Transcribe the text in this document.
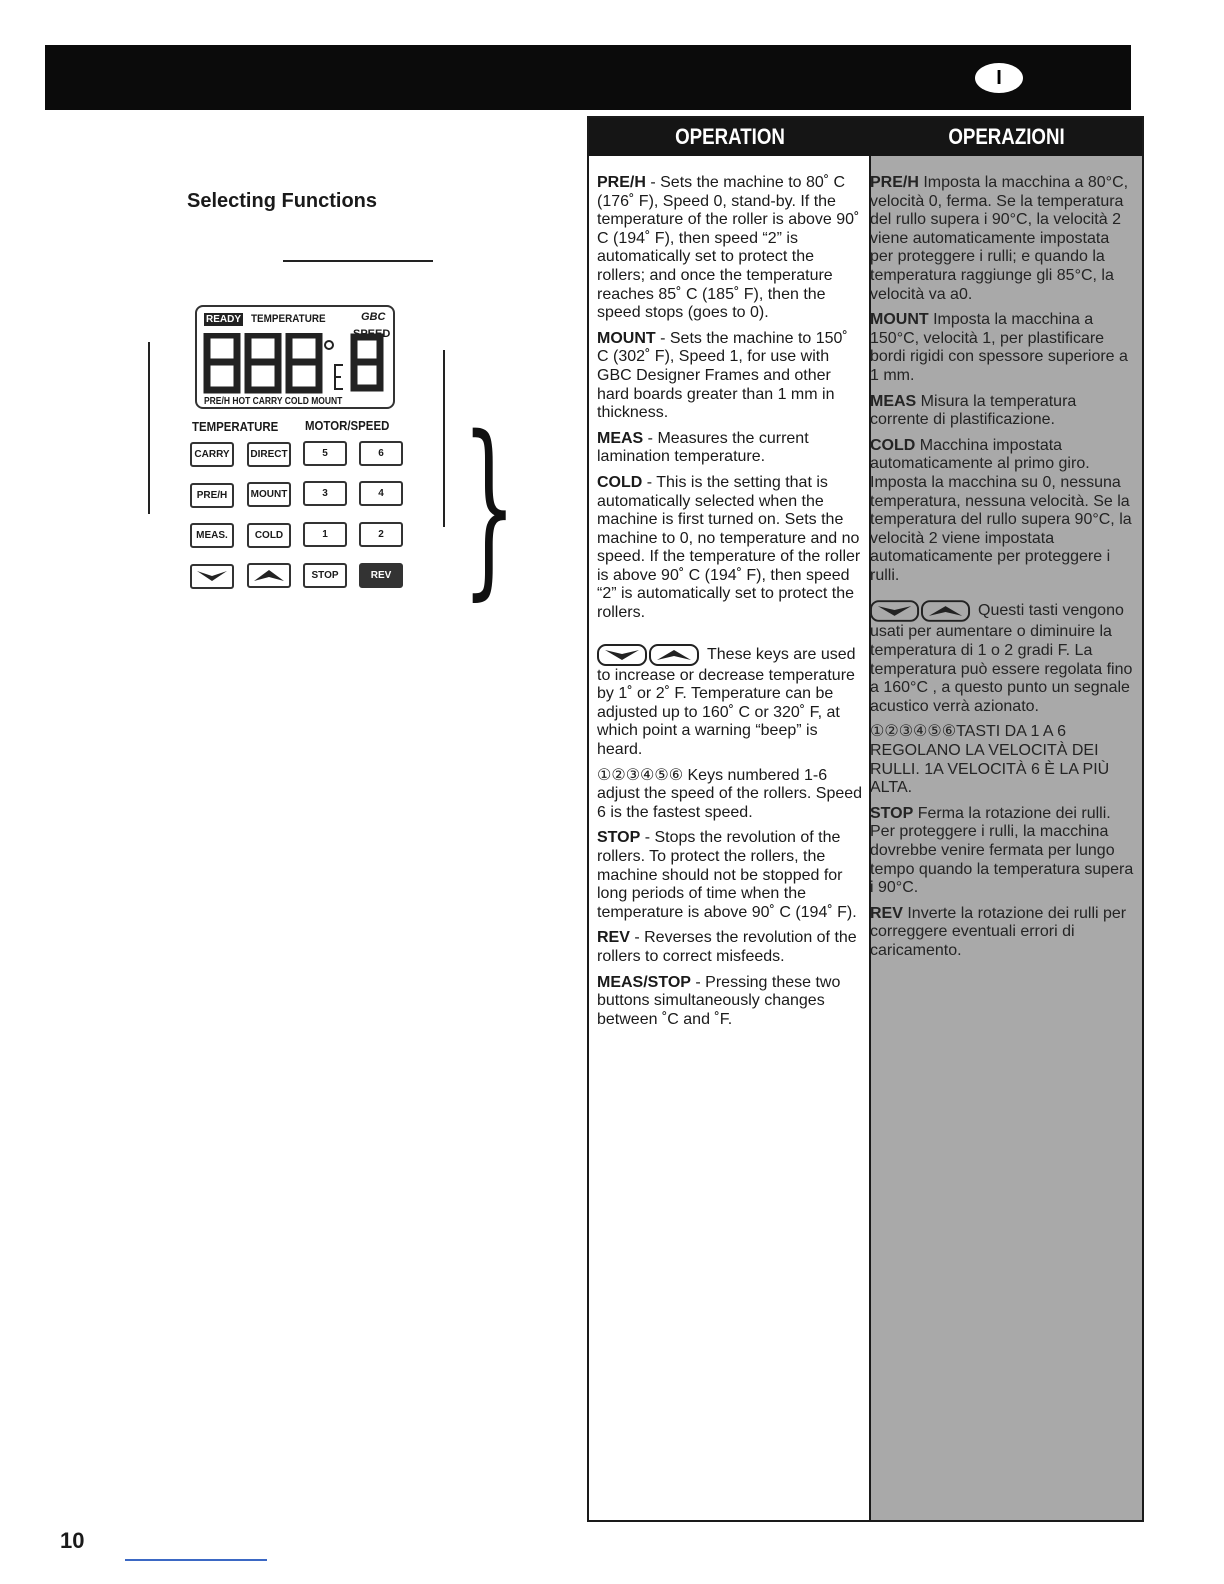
I
Selecting Functions
}
READY TEMPERATURE	GBC
SPEED
PRE/H HOT CARRY COLD MOUNT
TEMPERATURE MOTOR/SPEED
CARRY	DIRECT	5	6
PRE/H	MOUNT	3	4
MEAS.	COLD	1	2
STOP	REV
OPERATION	OPERAZIONI

PRE/H - Sets the machine to 80˚ C (176˚ F), Speed 0, stand-by. If the temperature of the roller is above 90˚ C (194˚ F), then speed “2” is automatically set to protect the rollers; and once the temperature reaches 85˚ C (185˚ F), then the speed stops (goes to 0).

MOUNT - Sets the machine to 150˚ C (302˚ F), Speed 1, for use with GBC Designer Frames and other hard boards greater than 1 mm in thickness.

MEAS - Measures the current lamination temperature.

COLD - This is the setting that is automatically selected when the machine is first turned on. Sets the machine to 0, no temperature and no speed. If the temperature of the roller is above 90˚ C (194˚ F), then speed “2” is automatically set to protect the rollers.

These keys are used to increase or decrease temperature by 1˚ or 2˚ F. Temperature can be adjusted up to 160˚ C or 320˚ F, at which point a warning “beep” is heard.

①②③④⑤⑥ Keys numbered 1-6 adjust the speed of the rollers. Speed 6 is the fastest speed.

STOP - Stops the revolution of the rollers. To protect the rollers, the machine should not be stopped for long periods of time when the temperature is above 90˚ C (194˚ F).

REV - Reverses the revolution of the rollers to correct misfeeds.

MEAS/STOP - Pressing these two buttons simultaneously changes between ˚C and ˚F.

PRE/H Imposta la macchina a 80°C, velocità 0, ferma. Se la temperatura del rullo supera i 90°C, la velocità 2 viene automaticamente impostata per proteggere i rulli; e quando la temperatura raggiunge gli 85°C, la velocità va a0.

MOUNT Imposta la macchina a 150°C, velocità 1, per plastificare bordi rigidi con spessore superiore a 1 mm.

MEAS Misura la temperatura corrente di plastificazione.

COLD Macchina impostata automaticamente al primo giro. Imposta la macchina su 0, nessuna temperatura, nessuna velocità. Se la temperatura del rullo supera 90°C, la velocità 2 viene impostata automaticamente per proteggere i rulli.

Questi tasti vengono usati per aumentare o diminuire la temperatura di 1 o 2 gradi F. La temperatura può essere regolata fino a 160°C , a questo punto un segnale acustico verrà azionato.

①②③④⑤⑥TASTI DA 1 A 6 REGOLANO LA VELOCITÀ DEI RULLI. 1A VELOCITÀ 6 È LA PIÙ ALTA.

STOP Ferma la rotazione dei rulli. Per proteggere i rulli, la macchina dovrebbe venire fermata per lungo tempo quando la temperatura supera i 90°C.

REV Inverte la rotazione dei rulli per correggere eventuali errori di caricamento.

10
